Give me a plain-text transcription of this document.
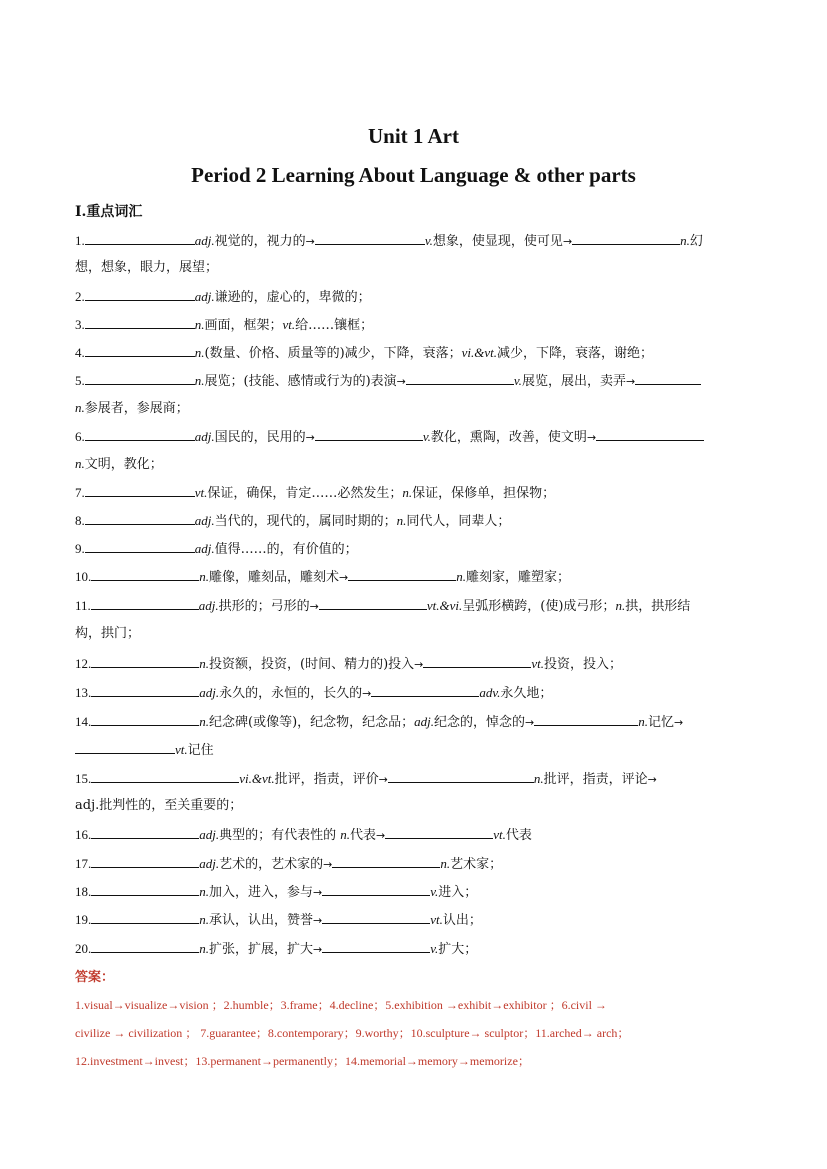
Unit 1 Art
Period 2 Learning About Language & other parts
I.重点词汇
1.	adj.视觉的，视力的→	v.想象，使显现，使可见→	n.幻
想，想象，眼力，展望；
2.	adj.谦逊的，虚心的，卑微的；
3.	n.画面，框架；vt.给……镶框；
4.	n.(数量、价格、质量等的)减少，下降，衰落；vi.&vt.减少，下降，衰落，谢绝；
5.	n.展览；(技能、感情或行为的)表演→	v.展览，展出，卖弄→
n.参展者，参展商；
6.	adj.国民的，民用的→	v.教化，熏陶，改善，使文明→
n.文明，教化；
7.	vt.保证，确保，肯定……必然发生；n.保证，保修单，担保物；
8.	adj.当代的，现代的，属同时期的；n.同代人，同辈人；
9.	adj.值得……的，有价值的；
10.	n.雕像，雕刻品，雕刻术→	n.雕刻家，雕塑家；
11.	adj.拱形的；弓形的→	vt.&vi.呈弧形横跨，(使)成弓形；n.拱，拱形结
构，拱门；
12.	n.投资额，投资，(时间、精力的)投入→	vt.投资，投入；
13.	adj.永久的，永恒的，长久的→	adv.永久地；
14.	n.纪念碑(或像等)，纪念物，纪念品；adj.纪念的，悼念的→	n.记忆→
vt.记住
15.	vi.&vt.批评，指责，评价→	n.批评，指责，评论→
adj.批判性的，至关重要的；
16.	adj.典型的；有代表性的 n.代表→	vt.代表
17.	adj.艺术的，艺术家的→	n.艺术家；
18.	n.加入，进入，参与→	v.进入；
19.	n.承认，认出，赞誉→	vt.认出；
20.	n.扩张，扩展，扩大→	v.扩大；
答案：
1.visual→visualize→vision ；2.humble；3.frame；4.decline；5.exhibition →exhibit→exhibitor ；6.civil →
civilize → civilization ； 7.guarantee；8.contemporary；9.worthy；10.sculpture→ sculptor；11.arched→ arch；
12.investment→invest；13.permanent→permanently；14.memorial→memory→memorize；
